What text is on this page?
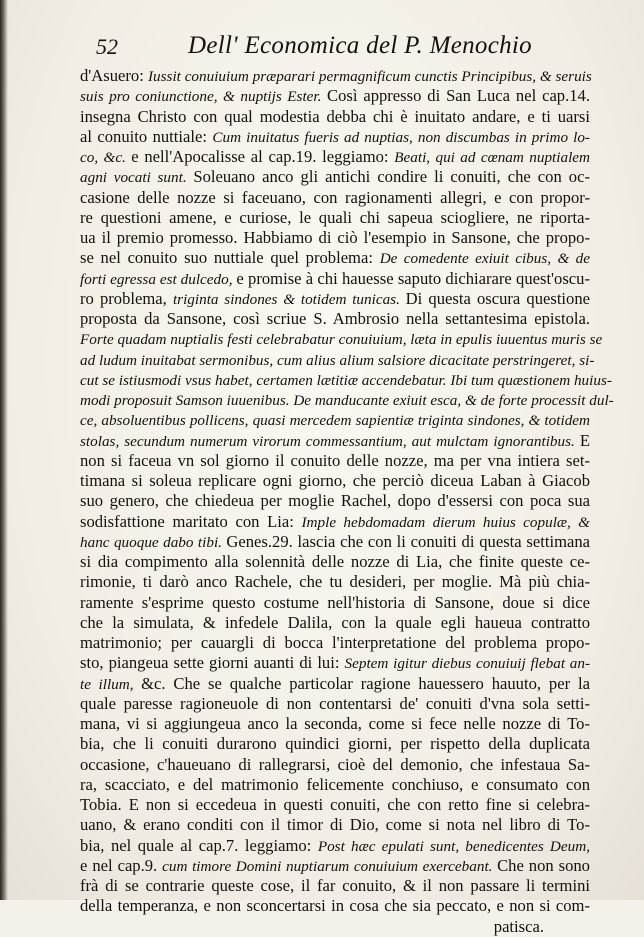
52	Dell' Economica del P. Menochio
d'Asuero: Iussit conuiuium præparari permagnificum cunctis Principibus, & seruis
suis pro coniunctione, & nuptijs Ester. Così appresso di San Luca nel cap.14.
insegna Christo con qual modestia debba chi è inuitato andare, e ti uarsi
al conuito nuttiale: Cum inuitatus fueris ad nuptias, non discumbas in primo lo-
co, &c. e nell'Apocalisse al cap.19. leggiamo: Beati, qui ad cœnam nuptialem
agni vocati sunt. Soleuano anco gli antichi condire li conuiti, che con oc-
casione delle nozze si faceuano, con ragionamenti allegri, e con propor-
re questioni amene, e curiose, le quali chi sapeua sciogliere, ne riporta-
ua il premio promesso. Habbiamo di ciò l'esempio in Sansone, che propo-
se nel conuito suo nuttiale quel problema: De comedente exiuit cibus, & de
forti egressa est dulcedo, e promise à chi hauesse saputo dichiarare quest'oscu-
ro problema, triginta sindones & totidem tunicas. Di questa oscura questione
proposta da Sansone, così scriue S. Ambrosio nella settantesima epistola.
Forte quadam nuptialis festi celebrabatur conuiuium, læta in epulis iuuentus muris se
ad ludum inuitabat sermonibus, cum alius alium salsiore dicacitate perstringeret, si-
cut se istiusmodi vsus habet, certamen lætitiæ accendebatur. Ibi tum quæstionem huius-
modi proposuit Samson iuuenibus. De manducante exiuit esca, & de forte processit dul-
ce, absoluentibus pollicens, quasi mercedem sapientiæ triginta sindones, & totidem
stolas, secundum numerum virorum commessantium, aut mulctam ignorantibus. E
non si faceua vn sol giorno il conuito delle nozze, ma per vna intiera set-
timana si soleua replicare ogni giorno, che perciò diceua Laban à Giacob
suo genero, che chiedeua per moglie Rachel, dopo d'essersi con poca sua
sodisfattione maritato con Lia: Imple hebdomadam dierum huius copulæ, &
hanc quoque dabo tibi. Genes.29. lascia che con li conuiti di questa settimana
si dia compimento alla solennità delle nozze di Lia, che finite queste ce-
rimonie, ti darò anco Rachele, che tu desideri, per moglie. Mà più chia-
ramente s'esprime questo costume nell'historia di Sansone, doue si dice
che la simulata, & infedele Dalila, con la quale egli haueua contratto
matrimonio; per cauargli di bocca l'interpretatione del problema propo-
sto, piangeua sette giorni auanti di lui: Septem igitur diebus conuiuij flebat an-
te illum, &c. Che se qualche particolar ragione hauessero hauuto, per la
quale paresse ragioneuole di non contentarsi de' conuiti d'vna sola setti-
mana, vi si aggiungeua anco la seconda, come si fece nelle nozze di To-
bia, che li conuiti durarono quindici giorni, per rispetto della duplicata
occasione, c'haueuano di rallegrarsi, cioè del demonio, che infestaua Sa-
ra, scacciato, e del matrimonio felicemente conchiuso, e consumato con
Tobia. E non si eccedeua in questi conuiti, che con retto fine si celebra-
uano, & erano conditi con il timor di Dio, come si nota nel libro di To-
bia, nel quale al cap.7. leggiamo: Post hæc epulati sunt, benedicentes Deum,
e nel cap.9. cum timore Domini nuptiarum conuiuium exercebant. Che non sono
frà di se contrarie queste cose, il far conuito, & il non passare li termini
della temperanza, e non sconcertarsi in cosa che sia peccato, e non si com-
patisca.
